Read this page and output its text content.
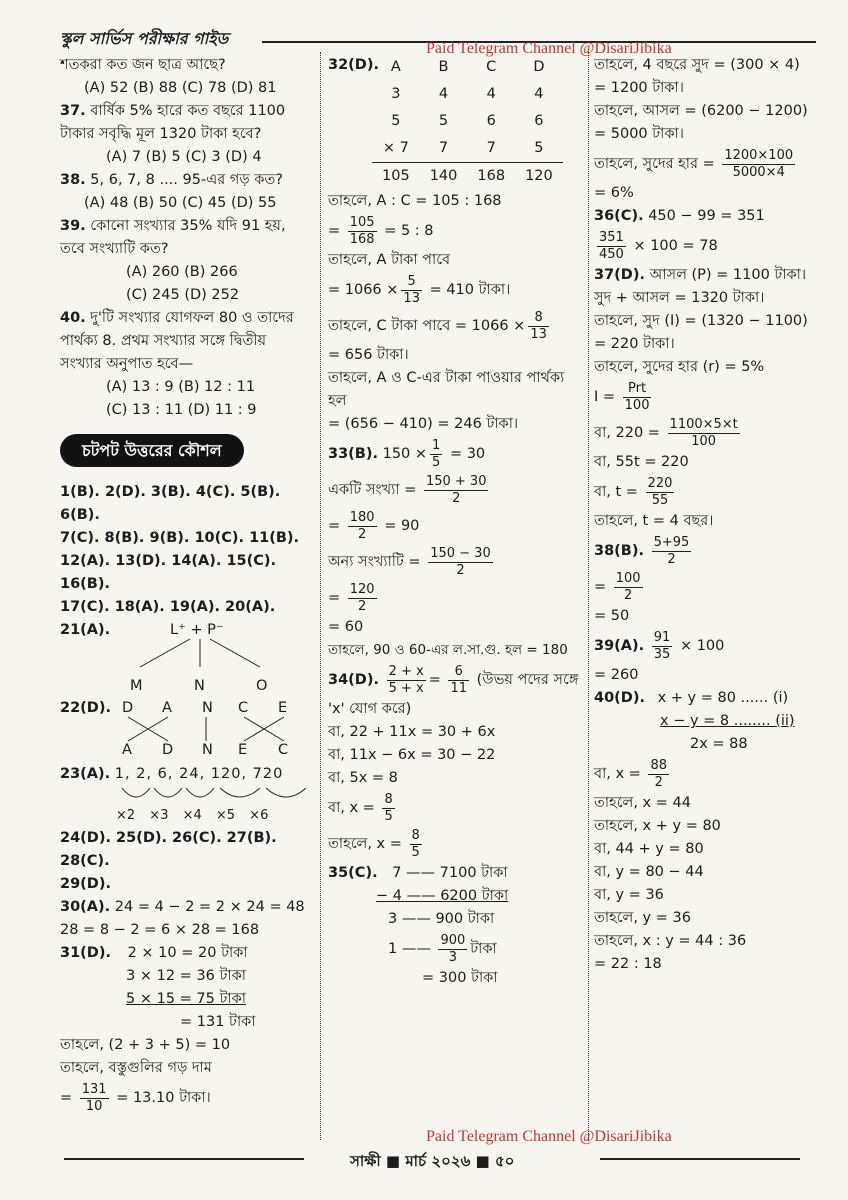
স্কুল সার্ভিস পরীক্ষার গাইড
Paid Telegram Channel @DisariJibika
Paid Telegram Channel @DisariJibika

শতকরা কত জন ছাত্র আছে?

(A) 52 (B) 88 (C) 78 (D) 81

37. বার্ষিক 5% হারে কত বছরে 1100

টাকার সবৃদ্ধি মূল 1320 টাকা হবে?

(A) 7 (B) 5 (C) 3 (D) 4

38. 5, 6, 7, 8 .... 95-এর গড় কত?

(A) 48 (B) 50 (C) 45 (D) 55

39. কোনো সংখ্যার 35% যদি 91 হয়,

তবে সংখ্যাটি কত?

(A) 260 (B) 266

(C) 245 (D) 252

40. দু'টি সংখ্যার যোগফল 80 ও তাদের

পার্থক্য 8. প্রথম সংখ্যার সঙ্গে দ্বিতীয়

সংখ্যার অনুপাত হবে—

(A) 13 : 9 (B) 12 : 11

(C) 13 : 11 (D) 11 : 9

চটপট উত্তরের কৌশল

1(B). 2(D). 3(B). 4(C). 5(B). 6(B).

7(C). 8(B). 9(B). 10(C). 11(B).

12(A). 13(D). 14(A). 15(C). 16(B).

17(C). 18(A). 19(A). 20(A).

21(A).	L⁺ + P⁻
M	N	O
22(D). D A N C E
A D N E C

23(A). 1, 2, 6, 24, 120, 720

×2 ×3 ×4 ×5 ×6

24(D). 25(D). 26(C). 27(B). 28(C).

29(D).

30(A). 24 = 4 − 2 = 2 × 24 = 48

28 = 8 − 2 = 6 × 28 = 168

31(D). 2 × 10 = 20 টাকা

3 × 12 = 36 টাকা

5 × 15 = 75 টাকা

= 131 টাকা

তাহলে, (2 + 3 + 5) = 10

তাহলে, বস্তুগুলির গড় দাম

= $\frac{131}{10} = 13.10$ টাকা।

32(D). A	B	C	D
3	4	4	4
5	5	6	6
× 7	7	7	5
105	140	168	120

তাহলে, A : C = 105 : 168

= $\frac{105}{168} = 5$ : 8

তাহলে, A টাকা পাবে

= $1066 \times \frac{5}{13} = 410$ টাকা।

তাহলে, C টাকা পাবে = $1066 \times \frac{8}{13}$

= 656 টাকা।

তাহলে, A ও C-এর টাকা পাওয়ার পার্থক্য

হল

= (656 − 410) = 246 টাকা।

33(B). $150 \times \frac{1}{5} = 30$

একটি সংখ্যা = $\frac{150 + 30}{2}$

= $\frac{180}{2} = 90$

অন্য সংখ্যাটি = $\frac{150 - 30}{2}$

= $\frac{120}{2}$

= 60

তাহলে, 90 ও 60-এর ল.সা.গু. হল = 180

34(D). $\frac{2 + x}{5 + x} = \frac{6}{11}$ (উভয় পদের সঙ্গে

'x' যোগ করে)

বা, 22 + 11x = 30 + 6x

বা, 11x − 6x = 30 − 22

বা, 5x = 8

বা, $x = \frac{8}{5}$

তাহলে, $x = \frac{8}{5}$

35(C). 7 —— 7100 টাকা

− 4 —— 6200 টাকা

3 —— 900 টাকা

1 —— $\frac{900}{3}$ টাকা

= 300 টাকা

তাহলে, 4 বছরে সুদ = (300 × 4)

= 1200 টাকা।

তাহলে, আসল = (6200 − 1200)

= 5000 টাকা।

তাহলে, সুদের হার = $\frac{1200\times 100}{5000\times 4}$

= 6%

36(C). 450 − 99 = 351

$\frac{351}{450} \times 100 = 78$

37(D). আসল (P) = 1100 টাকা।

সুদ + আসল = 1320 টাকা।

তাহলে, সুদ (I) = (1320 − 1100)

= 220 টাকা।

তাহলে, সুদের হার (r) = 5%

I =
Prt
100

বা, $220 = \frac{1100\times 5\times t}{100}$

বা, 55t = 220

বা, $t = \frac{220}{55}$

তাহলে, t = 4 বছর।

38(B). $\frac{5+95}{2}$

= $\frac{100}{2}$

= 50

39(A). $\frac{91}{35} \times 100$

= 260

40(D). x + y = 80 ...... (i)

x − y = 8 ........ (ii)

2x = 88

বা, $x = \frac{88}{2}$

তাহলে, x = 44

তাহলে, x + y = 80

বা, 44 + y = 80

বা, y = 80 − 44

বা, y = 36

তাহলে, y = 36

তাহলে, x : y = 44 : 36

= 22 : 18

সাক্ষী ■ মার্চ ২০২৬ ■ ৫০
